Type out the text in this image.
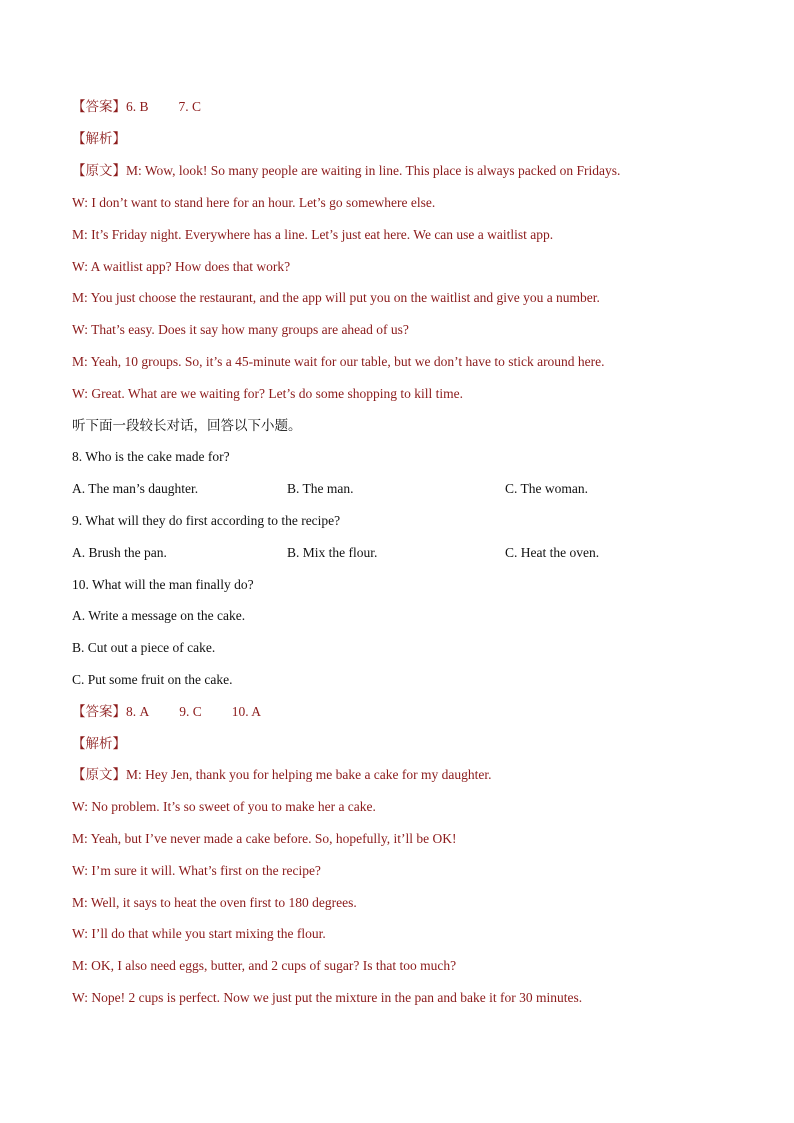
【答案】6. B 7. C
【解析】
【原文】M: Wow, look! So many people are waiting in line. This place is always packed on Fridays.
W: I don’t want to stand here for an hour. Let’s go somewhere else.
M: It’s Friday night. Everywhere has a line. Let’s just eat here. We can use a waitlist app.
W: A waitlist app? How does that work?
M: You just choose the restaurant, and the app will put you on the waitlist and give you a number.
W: That’s easy. Does it say how many groups are ahead of us?
M: Yeah, 10 groups. So, it’s a 45-minute wait for our table, but we don’t have to stick around here.
W: Great. What are we waiting for? Let’s do some shopping to kill time.
听下面一段较长对话，回答以下小题。
8. Who is the cake made for?
A. The man’s daughter.	B. The man.	C. The woman.
9. What will they do first according to the recipe?
A. Brush the pan.	B. Mix the flour.	C. Heat the oven.
10. What will the man finally do?
A. Write a message on the cake.
B. Cut out a piece of cake.
C. Put some fruit on the cake.
【答案】8. A 9. C 10. A
【解析】
【原文】M: Hey Jen, thank you for helping me bake a cake for my daughter.
W: No problem. It’s so sweet of you to make her a cake.
M: Yeah, but I’ve never made a cake before. So, hopefully, it’ll be OK!
W: I’m sure it will. What’s first on the recipe?
M: Well, it says to heat the oven first to 180 degrees.
W: I’ll do that while you start mixing the flour.
M: OK, I also need eggs, butter, and 2 cups of sugar? Is that too much?
W: Nope! 2 cups is perfect. Now we just put the mixture in the pan and bake it for 30 minutes.
